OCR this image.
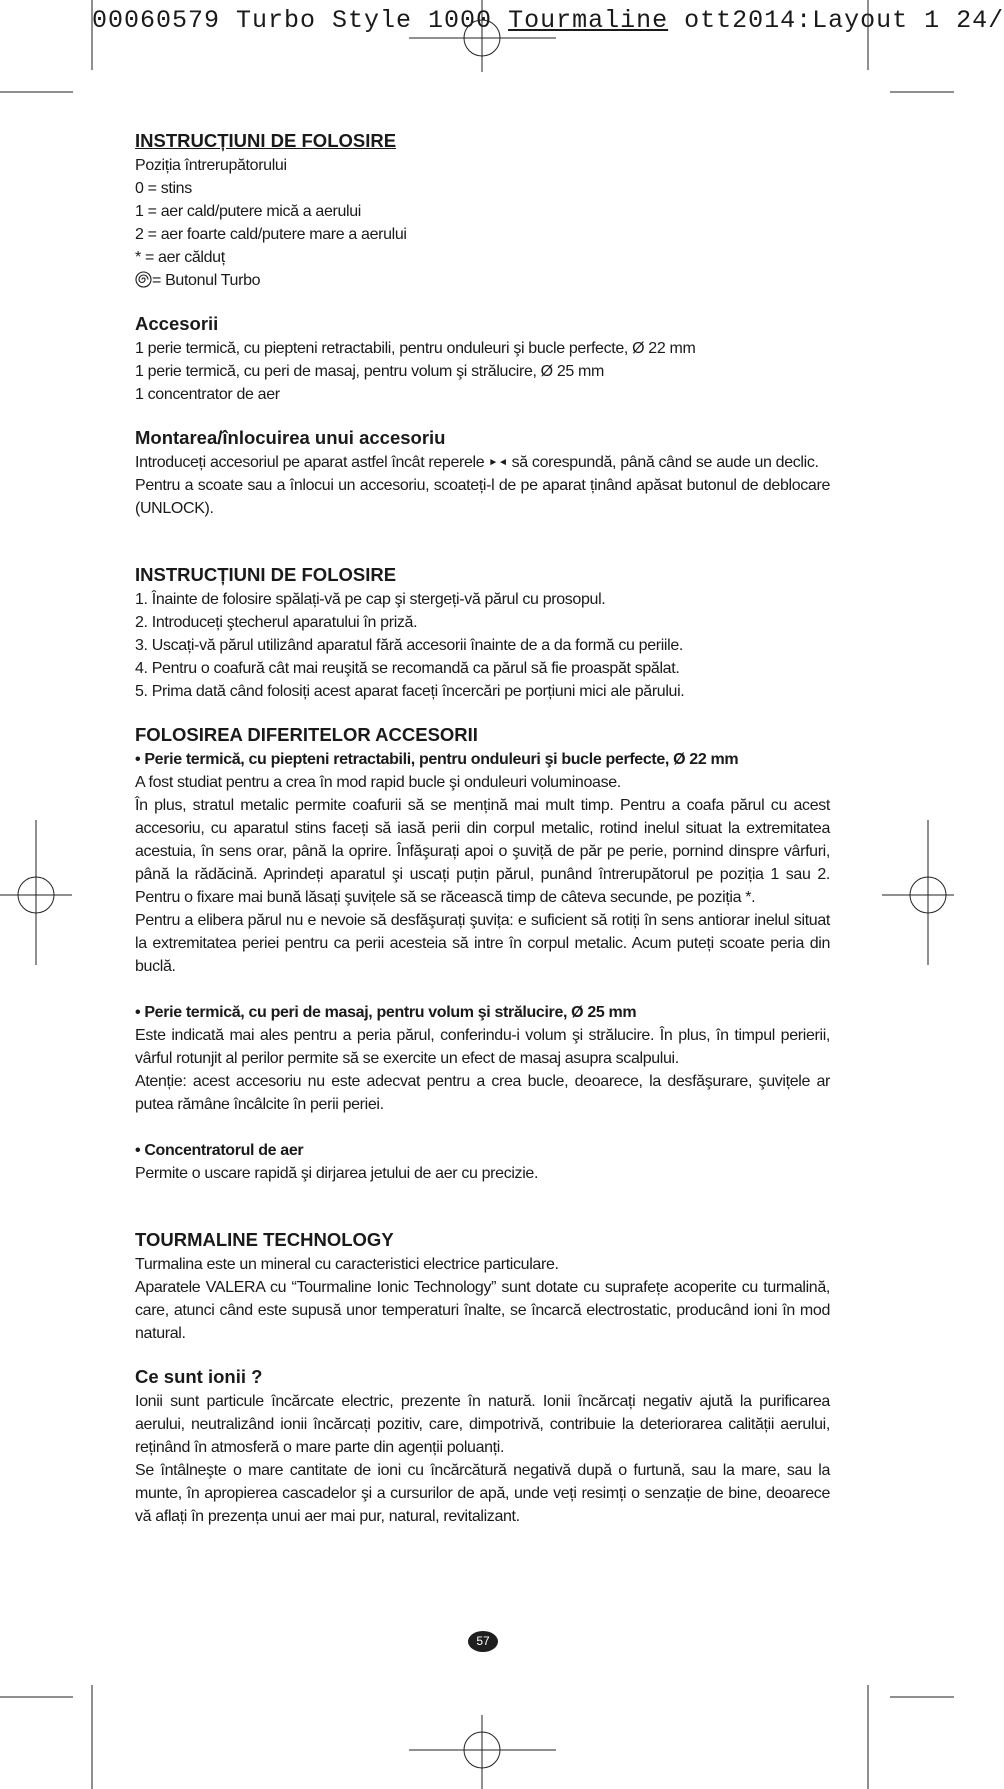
00060579 Turbo Style 1000 Tourmaline ott2014:Layout 1 24/
INSTRUCȚIUNI DE FOLOSIRE

Poziția întrerupătorului

0 = stins

1 = aer cald/putere mică a aerului

2 = aer foarte cald/putere mare a aerului

* = aer călduț

= Butonul Turbo

Accesorii

1 perie termică, cu piepteni retractabili, pentru onduleuri şi bucle perfecte, Ø 22 mm

1 perie termică, cu peri de masaj, pentru volum şi strălucire, Ø 25 mm

1 concentrator de aer

Montarea/înlocuirea unui accesoriu

Introduceți accesoriul pe aparat astfel încât reperele ►◄ să corespundă, până când se aude un declic.

Pentru a scoate sau a înlocui un accesoriu, scoateți-l de pe aparat ținând apăsat butonul de deblocare (UNLOCK).

INSTRUCȚIUNI DE FOLOSIRE

1. Înainte de folosire spălați-vă pe cap şi stergeți-vă părul cu prosopul.

2. Introduceți ştecherul aparatului în priză.

3. Uscați-vă părul utilizând aparatul fără accesorii înainte de a da formă cu periile.

4. Pentru o coafură cât mai reuşită se recomandă ca părul să fie proaspăt spălat.

5. Prima dată când folosiți acest aparat faceți încercări pe porțiuni mici ale părului.

FOLOSIREA DIFERITELOR ACCESORII

• Perie termică, cu piepteni retractabili, pentru onduleuri şi bucle perfecte, Ø 22 mm

A fost studiat pentru a crea în mod rapid bucle şi onduleuri voluminoase.

În plus, stratul metalic permite coafurii să se mențină mai mult timp. Pentru a coafa părul cu acest accesoriu, cu aparatul stins faceți să iasă perii din corpul metalic, rotind inelul situat la extremitatea acestuia, în sens orar, până la oprire. Înfăşurați apoi o şuviță de păr pe perie, pornind dinspre vârfuri, până la rădăcină. Aprindeți aparatul şi uscați puțin părul, punând întrerupătorul pe poziția 1 sau 2. Pentru o fixare mai bună lăsați şuvițele să se răcească timp de câteva secunde, pe poziția *.

Pentru a elibera părul nu e nevoie să desfăşurați şuvița: e suficient să rotiți în sens antiorar inelul situat la extremitatea periei pentru ca perii acesteia să intre în corpul metalic. Acum puteți scoate peria din buclă.

• Perie termică, cu peri de masaj, pentru volum şi strălucire, Ø 25 mm

Este indicată mai ales pentru a peria părul, conferindu-i volum şi strălucire. În plus, în timpul perierii, vârful rotunjit al perilor permite să se exercite un efect de masaj asupra scalpului.

Atenție: acest accesoriu nu este adecvat pentru a crea bucle, deoarece, la desfăşurare, şuvițele ar putea rămâne încâlcite în perii periei.

• Concentratorul de aer

Permite o uscare rapidă şi dirjarea jetului de aer cu precizie.

TOURMALINE TECHNOLOGY

Turmalina este un mineral cu caracteristici electrice particulare.

Aparatele VALERA cu “Tourmaline Ionic Technology” sunt dotate cu suprafețe acoperite cu turmalină, care, atunci când este supusă unor temperaturi înalte, se încarcă electrostatic, producând ioni în mod natural.

Ce sunt ionii ?

Ionii sunt particule încărcate electric, prezente în natură. Ionii încărcați negativ ajută la purificarea aerului, neutralizând ionii încărcați pozitiv, care, dimpotrivă, contribuie la deteriorarea calității aerului, reținând în atmosferă o mare parte din agenții poluanți.

Se întâlneşte o mare cantitate de ioni cu încărcătură negativă după o furtună, sau la mare, sau la munte, în apropierea cascadelor şi a cursurilor de apă, unde veți resimți o senzație de bine, deoarece vă aflați în prezența unui aer mai pur, natural, revitalizant.

57
